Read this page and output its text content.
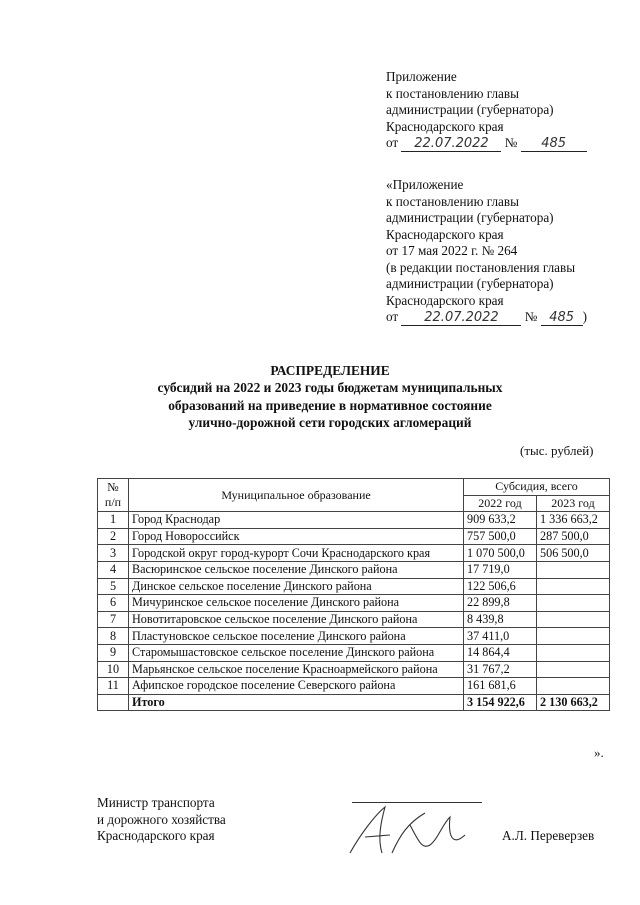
Приложение
к постановлению главы
администрации (губернатора)
Краснодарского края
от 22.07.2022 № 485
«Приложение
к постановлению главы
администрации (губернатора)
Краснодарского края
от 17 мая 2022 г. № 264
(в редакции постановления главы
администрации (губернатора)
Краснодарского края
от 22.07.2022 № 485 )
РАСПРЕДЕЛЕНИЕ
субсидий на 2022 и 2023 годы бюджетам муниципальных
образований на приведение в нормативное состояние
улично-дорожной сети городских агломераций
(тыс. рублей)
№
п/п	Муниципальное образование	Субсидия, всего	
		2022 год	2023 год
1	Город Краснодар	909 633,2	1 336 663,2
2	Город Новороссийск	757 500,0	287 500,0
3	Городской округ город-курорт Сочи Краснодарского края	1 070 500,0	506 500,0
4	Васюринское сельское поселение Динского района	17 719,0	
5	Динское сельское поселение Динского района	122 506,6	
6	Мичуринское сельское поселение Динского района	22 899,8	
7	Новотитаровское сельское поселение Динского района	8 439,8	
8	Пластуновское сельское поселение Динского района	37 411,0	
9	Старомышастовское сельское поселение Динского района	14 864,4	
10	Марьянское сельское поселение Красноармейского района	31 767,2	
11	Афипское городское поселение Северского района	161 681,6	
	Итого	3 154 922,6	2 130 663,2
».
Министр транспорта
и дорожного хозяйства
Краснодарского края	А.Л. Переверзев
